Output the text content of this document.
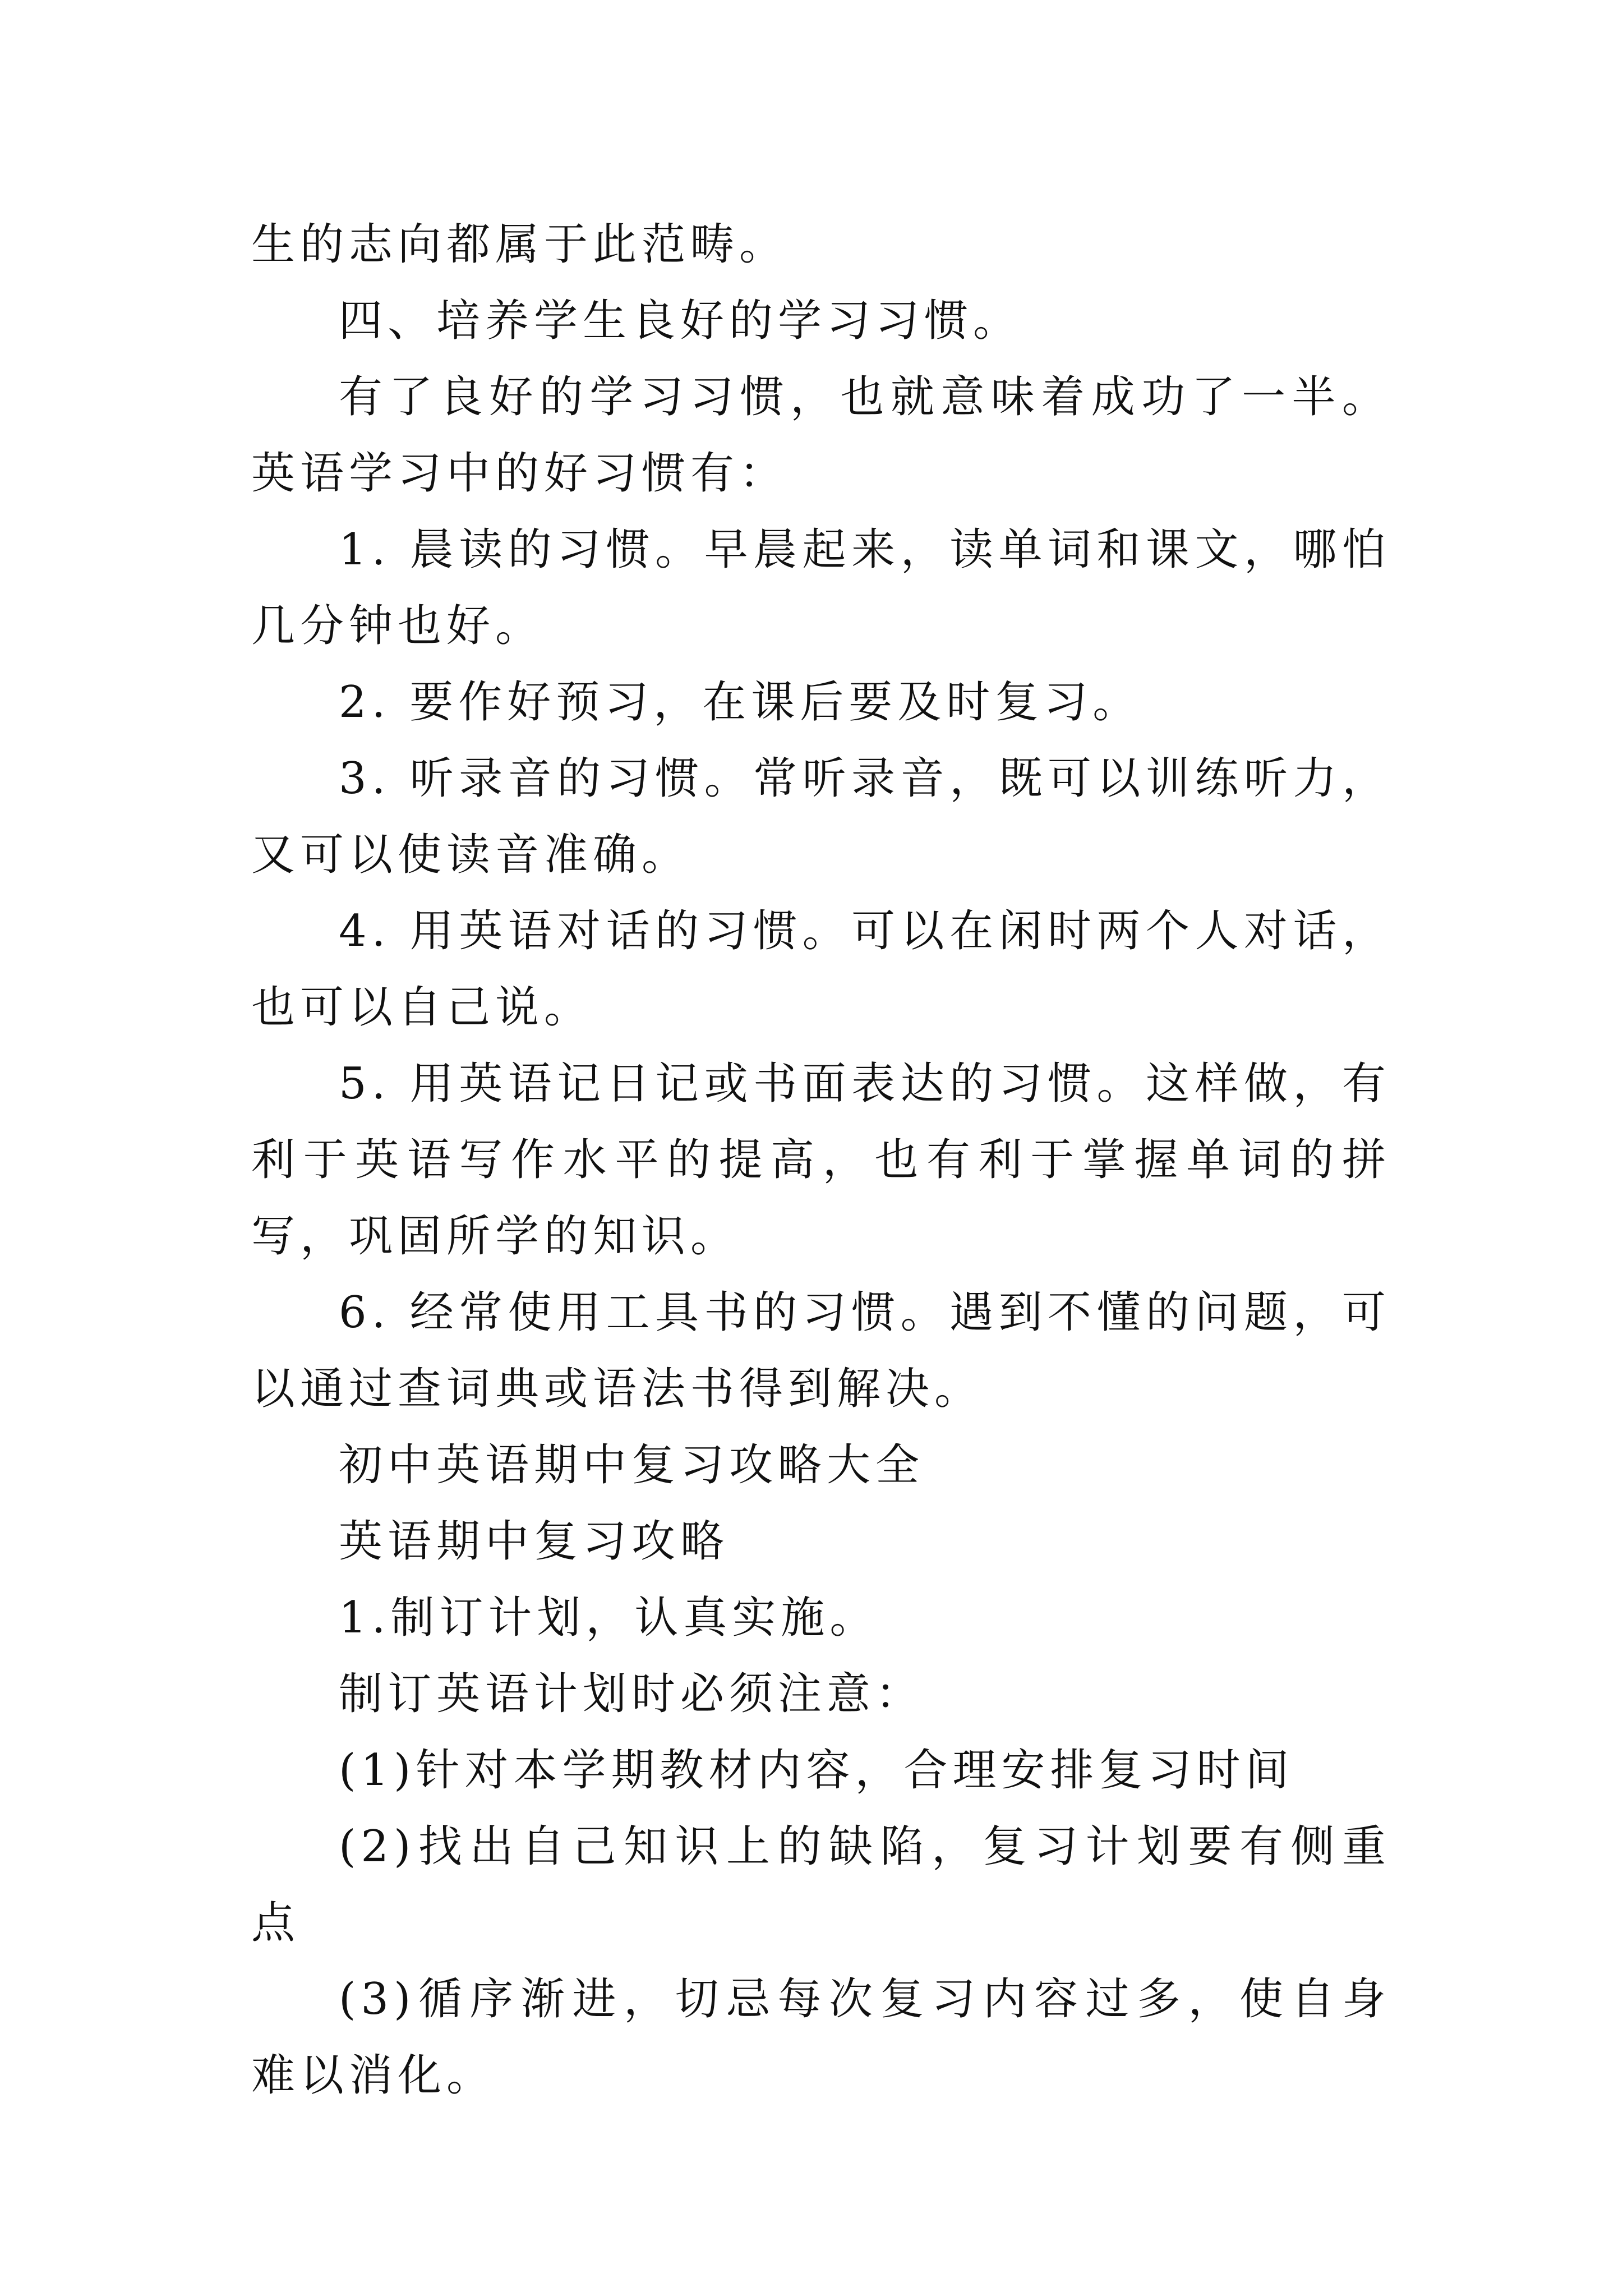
生的志向都属于此范畴。

四、培养学生良好的学习习惯。

有了良好的学习习惯，也就意味着成功了一半。英语学习中的好习惯有：

1. 晨读的习惯。早晨起来，读单词和课文，哪怕几分钟也好。

2. 要作好预习，在课后要及时复习。

3. 听录音的习惯。常听录音，既可以训练听力，又可以使读音准确。

4. 用英语对话的习惯。可以在闲时两个人对话，也可以自己说。

5. 用英语记日记或书面表达的习惯。这样做，有利于英语写作水平的提高，也有利于掌握单词的拼写，巩固所学的知识。

6. 经常使用工具书的习惯。遇到不懂的问题，可以通过查词典或语法书得到解决。

初中英语期中复习攻略大全

英语期中复习攻略

1.制订计划，认真实施。

制订英语计划时必须注意：

(1)针对本学期教材内容，合理安排复习时间

(2)找出自己知识上的缺陷，复习计划要有侧重点

(3)循序渐进，切忌每次复习内容过多，使自身难以消化。
